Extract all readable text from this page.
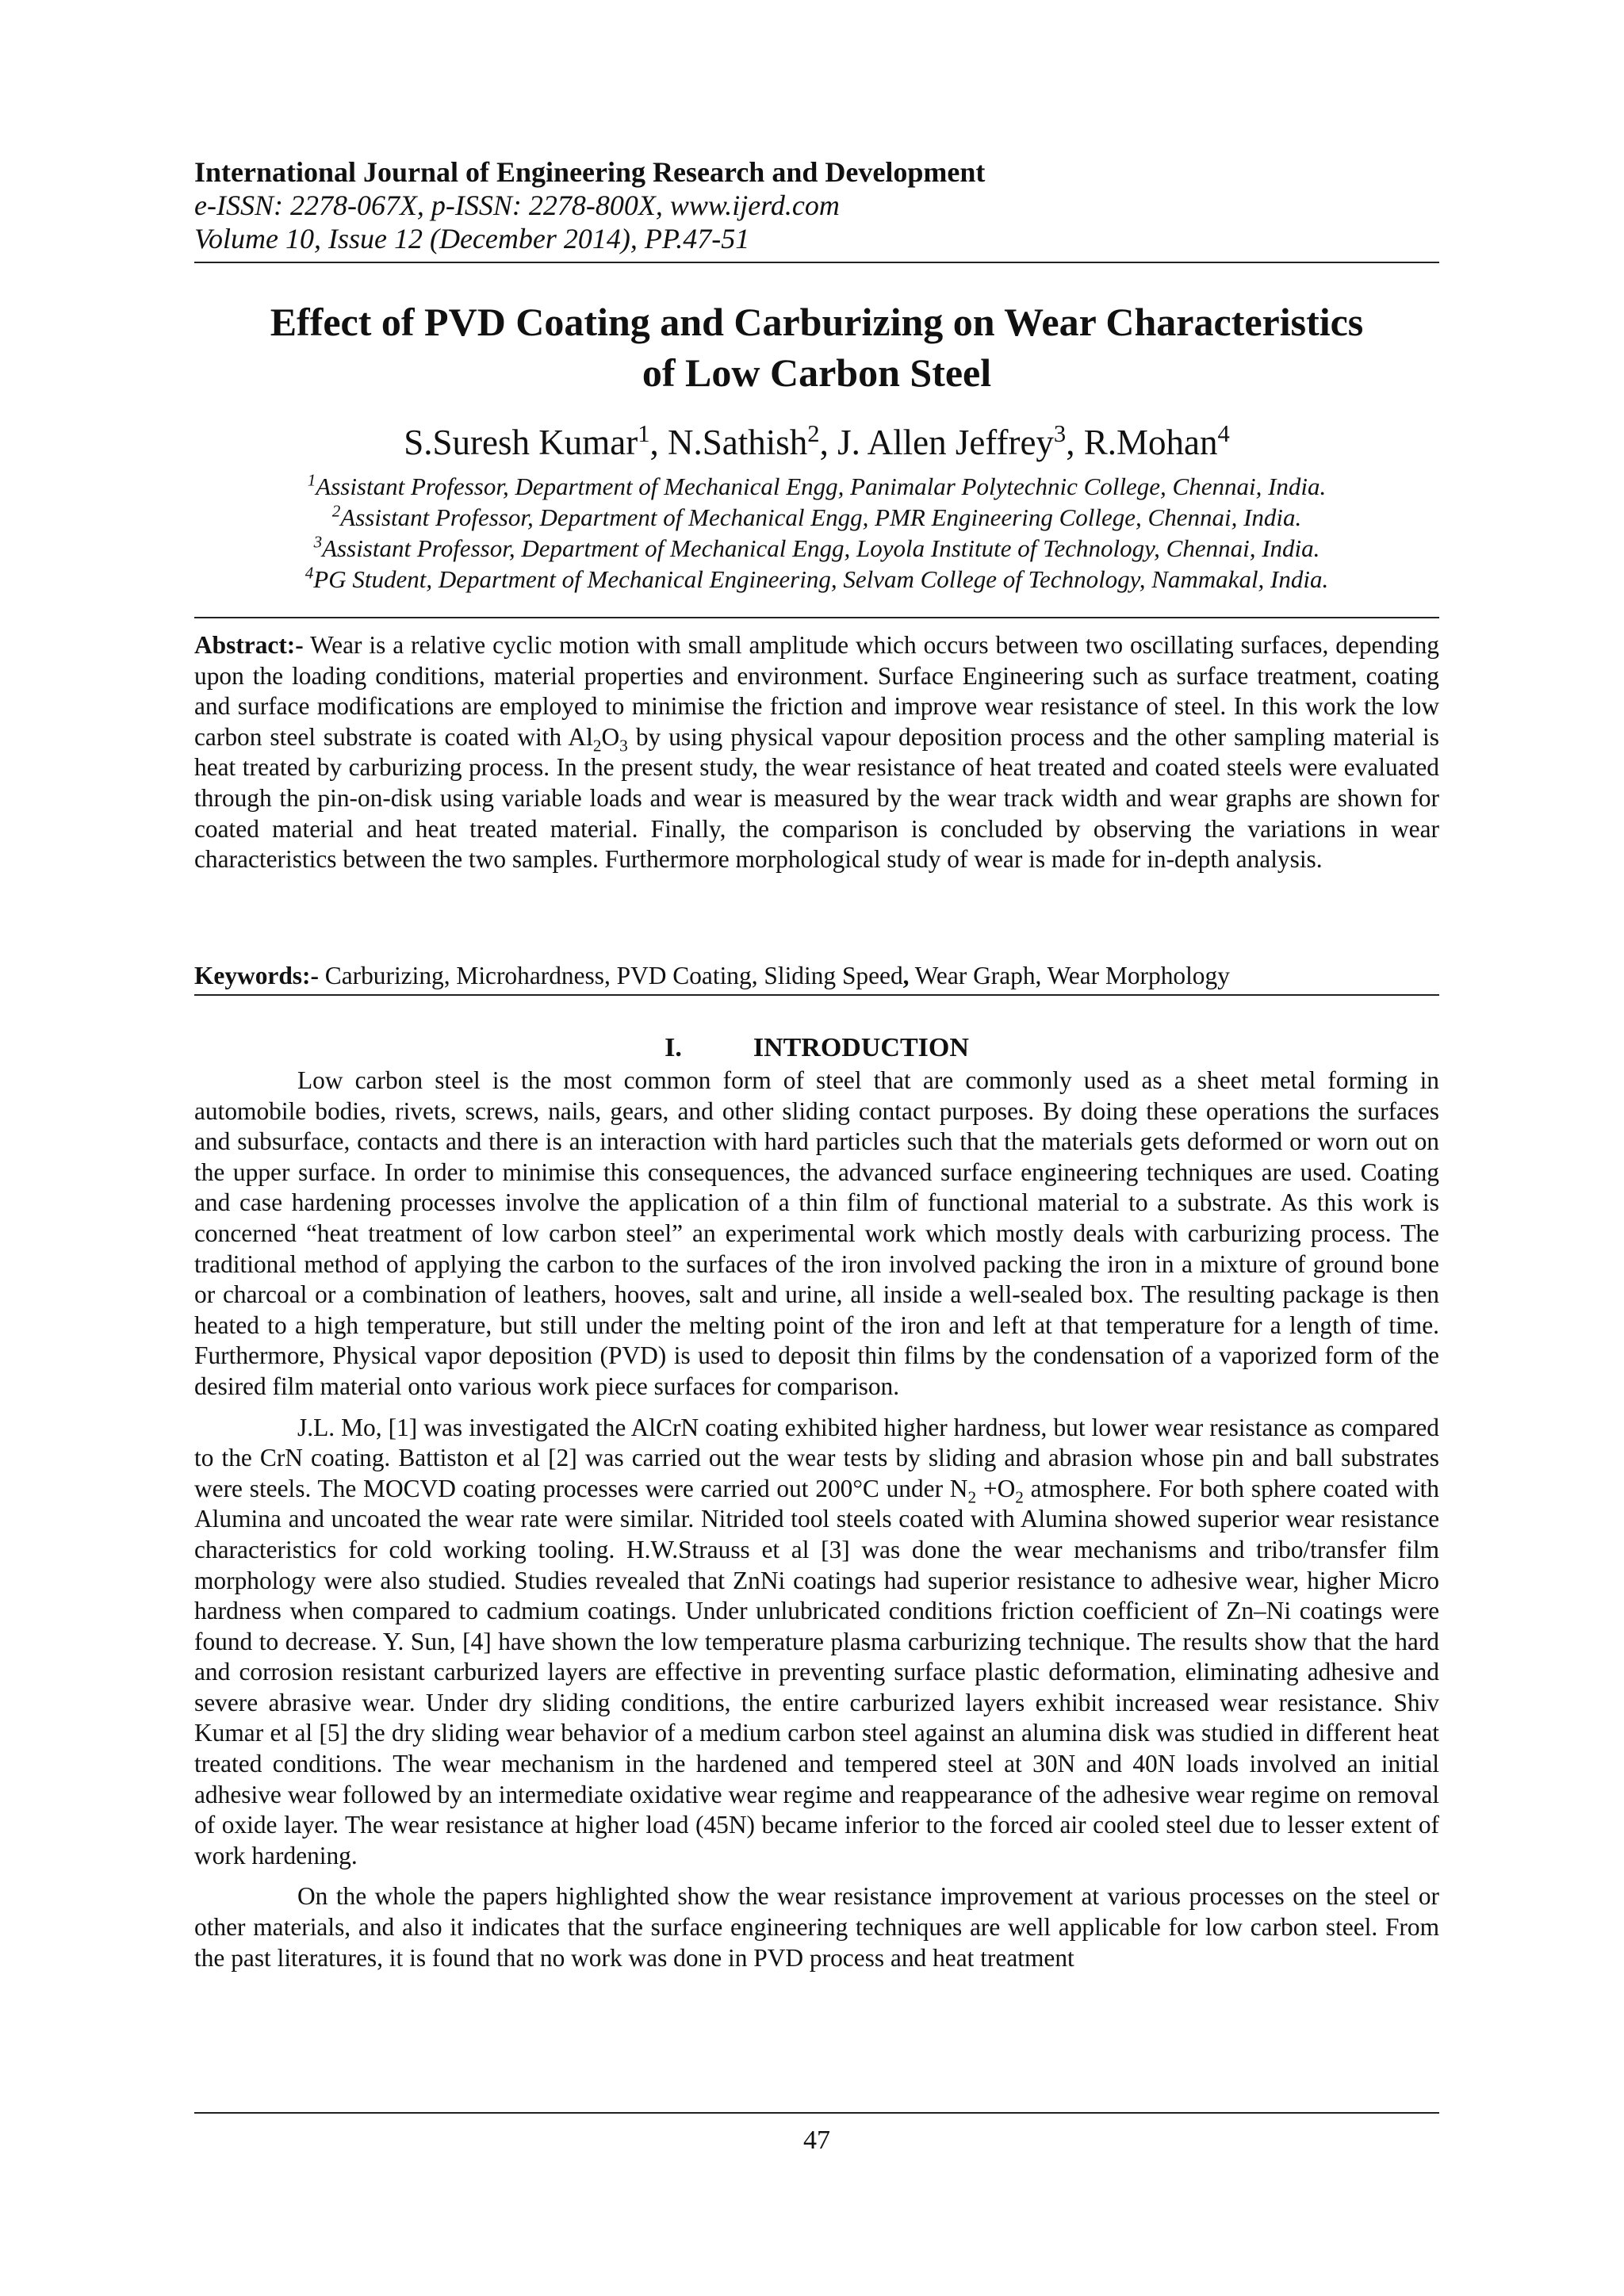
International Journal of Engineering Research and Development
e-ISSN: 2278-067X, p-ISSN: 2278-800X, www.ijerd.com
Volume 10, Issue 12 (December 2014), PP.47-51
Effect of PVD Coating and Carburizing on Wear Characteristics
of Low Carbon Steel
S.Suresh Kumar$^1$, N.Sathish$^2$, J. Allen Jeffrey$^3$, R.Mohan$^4$
$^1$Assistant Professor, Department of Mechanical Engg, Panimalar Polytechnic College, Chennai, India.
$^2$Assistant Professor, Department of Mechanical Engg, PMR Engineering College, Chennai, India.
$^3$Assistant Professor, Department of Mechanical Engg, Loyola Institute of Technology, Chennai, India.
$^4$PG Student, Department of Mechanical Engineering, Selvam College of Technology, Nammakal, India.

Abstract:- Wear is a relative cyclic motion with small amplitude which occurs between two oscillating surfaces, depending upon the loading conditions, material properties and environment. Surface Engineering such as surface treatment, coating and surface modifications are employed to minimise the friction and improve wear resistance of steel. In this work the low carbon steel substrate is coated with $Al_2O_3$ by using physical vapour deposition process and the other sampling material is heat treated by carburizing process. In the present study, the wear resistance of heat treated and coated steels were evaluated through the pin-on-disk using variable loads and wear is measured by the wear track width and wear graphs are shown for coated material and heat treated material. Finally, the comparison is concluded by observing the variations in wear characteristics between the two samples. Furthermore morphological study of wear is made for in-depth analysis.

Keywords:- Carburizing, Microhardness, PVD Coating, Sliding Speed, Wear Graph, Wear Morphology

I.	INTRODUCTION

Low carbon steel is the most common form of steel that are commonly used as a sheet metal forming in automobile bodies, rivets, screws, nails, gears, and other sliding contact purposes. By doing these operations the surfaces and subsurface, contacts and there is an interaction with hard particles such that the materials gets deformed or worn out on the upper surface. In order to minimise this consequences, the advanced surface engineering techniques are used. Coating and case hardening processes involve the application of a thin film of functional material to a substrate. As this work is concerned “heat treatment of low carbon steel” an experimental work which mostly deals with carburizing process. The traditional method of applying the carbon to the surfaces of the iron involved packing the iron in a mixture of ground bone or charcoal or a combination of leathers, hooves, salt and urine, all inside a well-sealed box. The resulting package is then heated to a high temperature, but still under the melting point of the iron and left at that temperature for a length of time. Furthermore, Physical vapor deposition (PVD) is used to deposit thin films by the condensation of a vaporized form of the desired film material onto various work piece surfaces for comparison.

J.L. Mo, [1] was investigated the AlCrN coating exhibited higher hardness, but lower wear resistance as compared to the CrN coating. Battiston et al [2] was carried out the wear tests by sliding and abrasion whose pin and ball substrates were steels. The MOCVD coating processes were carried out 200°C under $N_2 +O_2$ atmosphere. For both sphere coated with Alumina and uncoated the wear rate were similar. Nitrided tool steels coated with Alumina showed superior wear resistance characteristics for cold working tooling. H.W.Strauss et al [3] was done the wear mechanisms and tribo/transfer film morphology were also studied. Studies revealed that ZnNi coatings had superior resistance to adhesive wear, higher Micro hardness when compared to cadmium coatings. Under unlubricated conditions friction coefficient of Zn–Ni coatings were found to decrease. Y. Sun, [4] have shown the low temperature plasma carburizing technique. The results show that the hard and corrosion resistant carburized layers are effective in preventing surface plastic deformation, eliminating adhesive and severe abrasive wear. Under dry sliding conditions, the entire carburized layers exhibit increased wear resistance. Shiv Kumar et al [5] the dry sliding wear behavior of a medium carbon steel against an alumina disk was studied in different heat treated conditions. The wear mechanism in the hardened and tempered steel at 30N and 40N loads involved an initial adhesive wear followed by an intermediate oxidative wear regime and reappearance of the adhesive wear regime on removal of oxide layer. The wear resistance at higher load (45N) became inferior to the forced air cooled steel due to lesser extent of work hardening.

On the whole the papers highlighted show the wear resistance improvement at various processes on the steel or other materials, and also it indicates that the surface engineering techniques are well applicable for low carbon steel. From the past literatures, it is found that no work was done in PVD process and heat treatment

47
